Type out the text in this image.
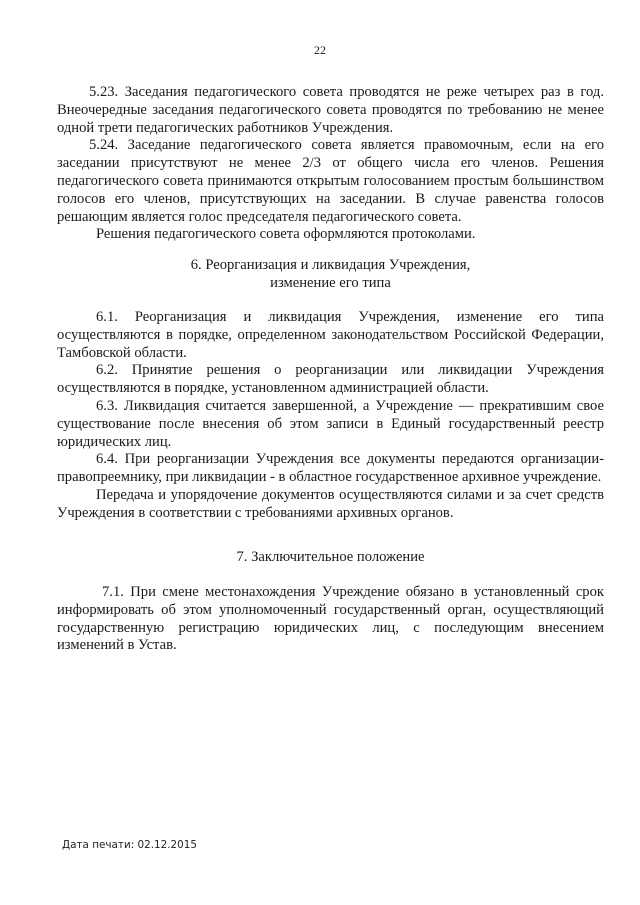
22

5.23. Заседания педагогического совета проводятся не реже четырех раз в год. Внеочередные заседания педагогического совета проводятся по требованию не менее одной трети педагогических работников Учреждения.

5.24. Заседание педагогического совета является правомочным, если на его заседании присутствуют не менее 2/3 от общего числа его членов. Решения педагогического совета принимаются открытым голосованием простым большинством голосов его членов, присутствующих на заседании. В случае равенства голосов решающим является голос председателя педагогического совета.

Решения педагогического совета оформляются протоколами.

6. Реорганизация и ликвидация Учреждения,
изменение его типа

6.1. Реорганизация и ликвидация Учреждения, изменение его типа осуществляются в порядке, определенном законодательством Российской Федерации, Тамбовской области.

6.2. Принятие решения о реорганизации или ликвидации Учреждения осуществляются в порядке, установленном администрацией области.

6.3. Ликвидация считается завершенной, а Учреждение — прекратившим свое существование после внесения об этом записи в Единый государственный реестр юридических лиц.

6.4. При реорганизации Учреждения все документы передаются организации-правопреемнику, при ликвидации - в областное государственное архивное учреждение.

Передача и упорядочение документов осуществляются силами и за счет средств Учреждения в соответствии с требованиями архивных органов.

7. Заключительное положение

7.1. При смене местонахождения Учреждение обязано в установленный срок информировать об этом уполномоченный государственный орган, осуществляющий государственную регистрацию юридических лиц, с последующим внесением изменений в Устав.

Дата печати: 02.12.2015
